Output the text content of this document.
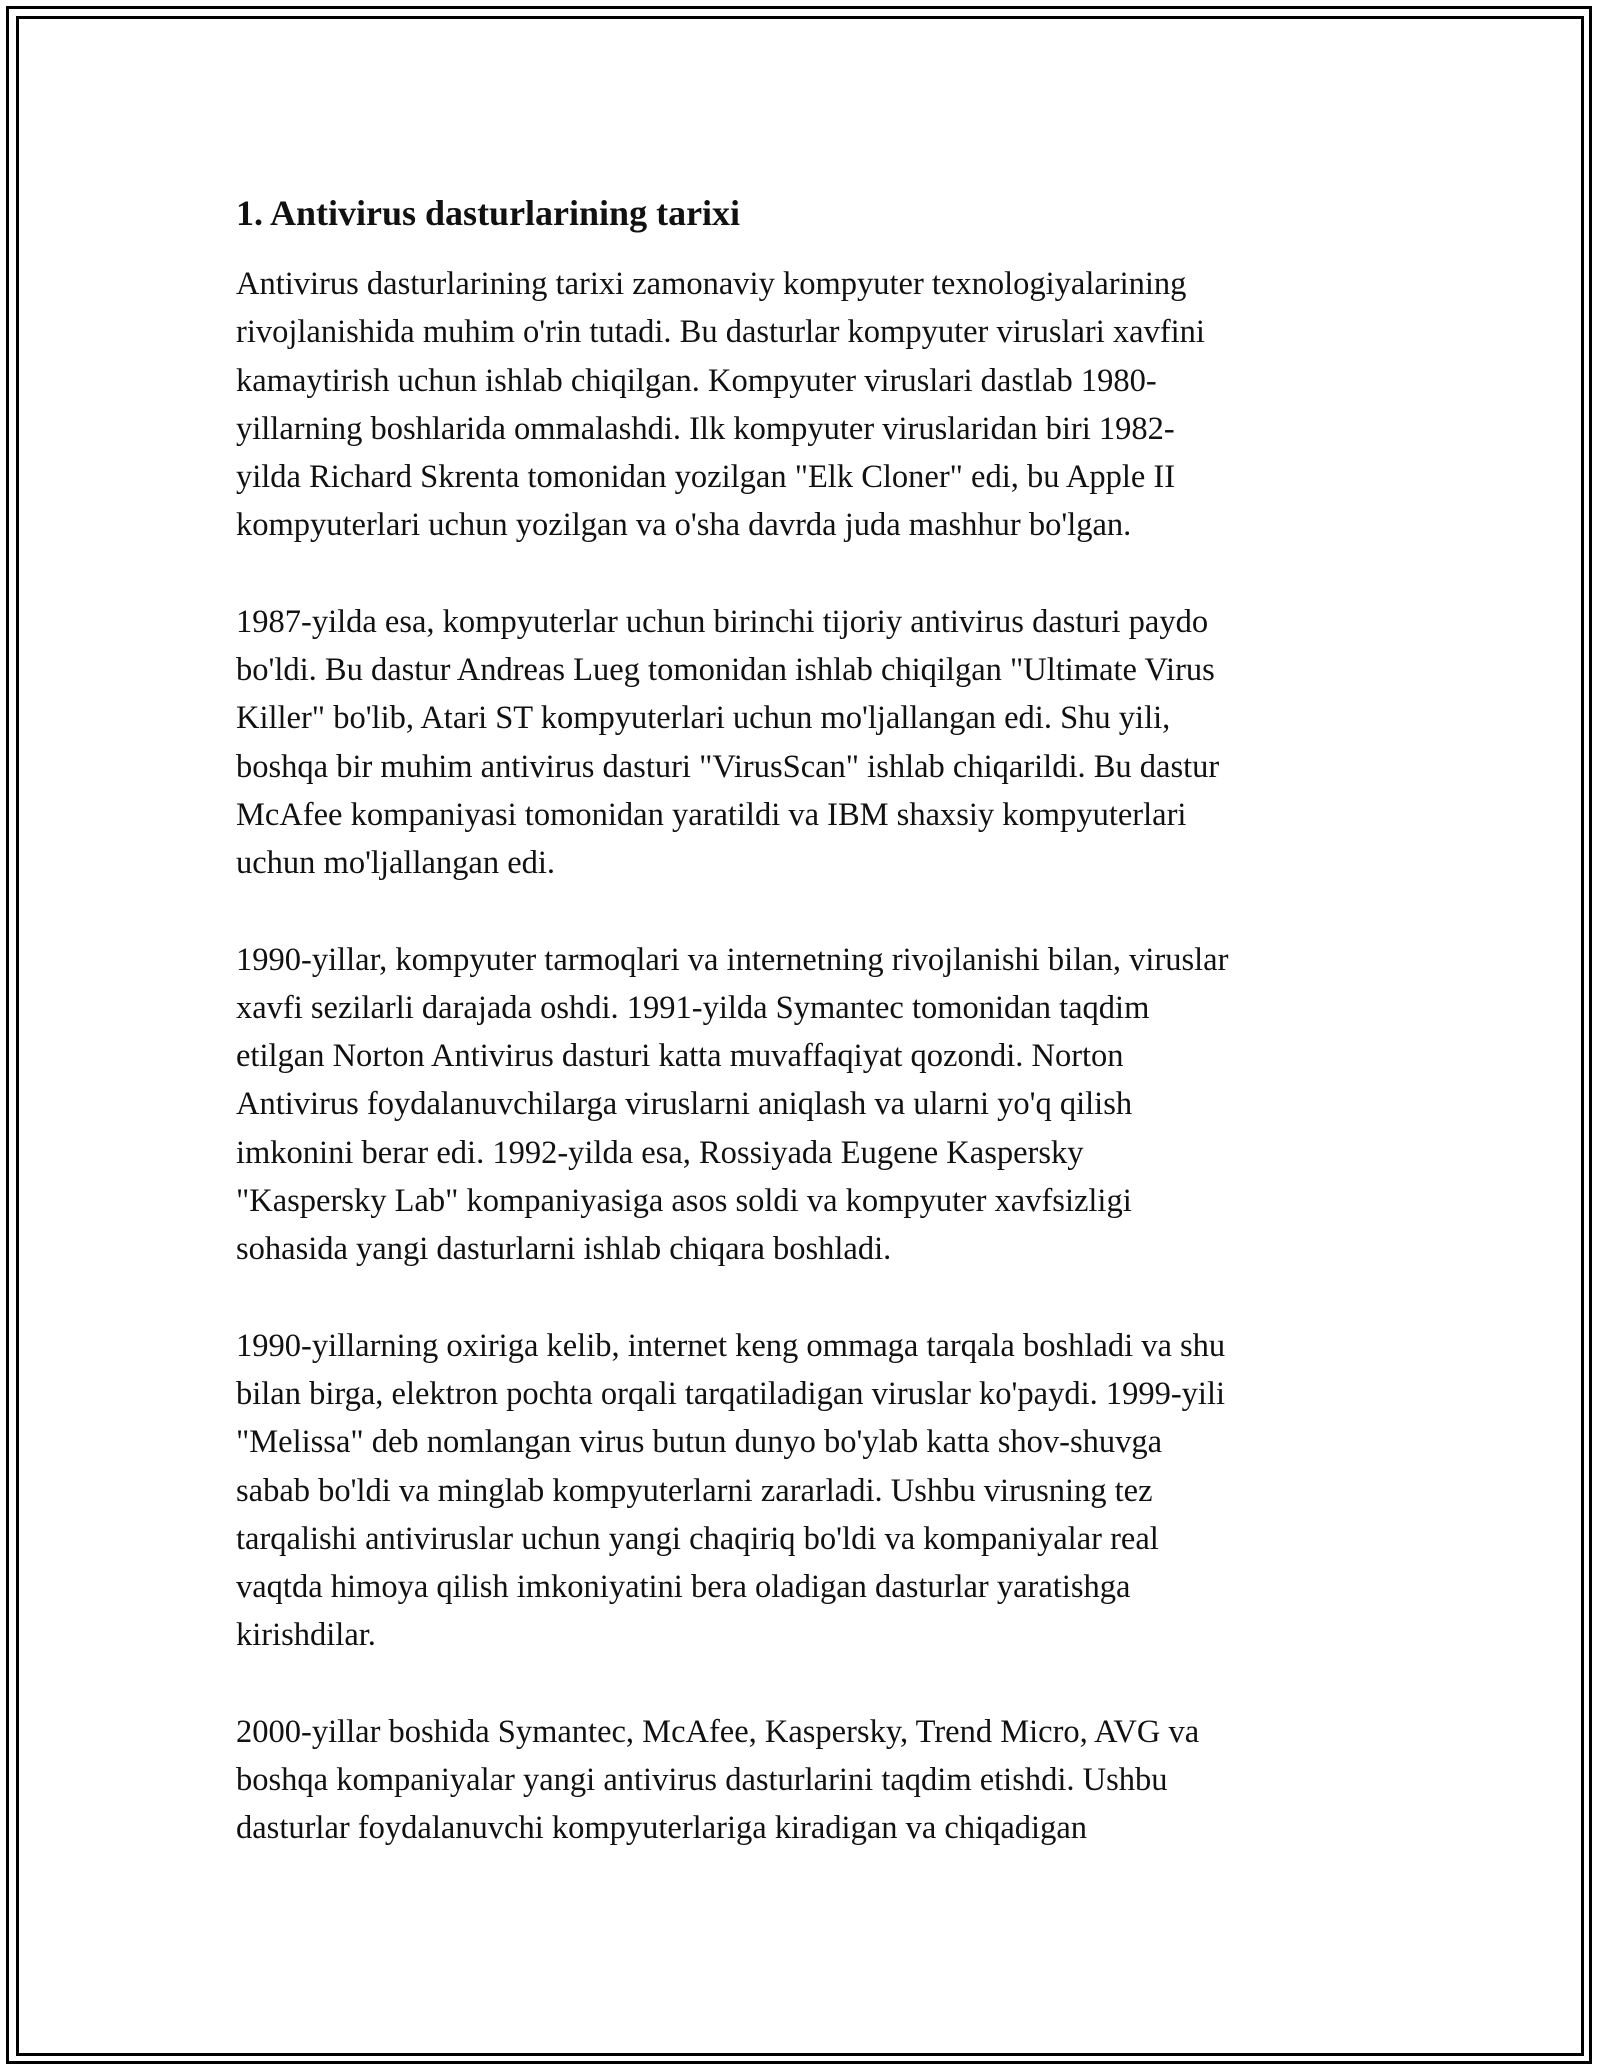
1. Antivirus dasturlarining tarixi

Antivirus dasturlarining tarixi zamonaviy kompyuter texnologiyalarining
rivojlanishida muhim o'rin tutadi. Bu dasturlar kompyuter viruslari xavfini
kamaytirish uchun ishlab chiqilgan. Kompyuter viruslari dastlab 1980-
yillarning boshlarida ommalashdi. Ilk kompyuter viruslaridan biri 1982-
yilda Richard Skrenta tomonidan yozilgan "Elk Cloner" edi, bu Apple II
kompyuterlari uchun yozilgan va o'sha davrda juda mashhur bo'lgan.

1987-yilda esa, kompyuterlar uchun birinchi tijoriy antivirus dasturi paydo
bo'ldi. Bu dastur Andreas Lueg tomonidan ishlab chiqilgan "Ultimate Virus
Killer" bo'lib, Atari ST kompyuterlari uchun mo'ljallangan edi. Shu yili,
boshqa bir muhim antivirus dasturi "VirusScan" ishlab chiqarildi. Bu dastur
McAfee kompaniyasi tomonidan yaratildi va IBM shaxsiy kompyuterlari
uchun mo'ljallangan edi.

1990-yillar, kompyuter tarmoqlari va internetning rivojlanishi bilan, viruslar
xavfi sezilarli darajada oshdi. 1991-yilda Symantec tomonidan taqdim
etilgan Norton Antivirus dasturi katta muvaffaqiyat qozondi. Norton
Antivirus foydalanuvchilarga viruslarni aniqlash va ularni yo'q qilish
imkonini berar edi. 1992-yilda esa, Rossiyada Eugene Kaspersky
"Kaspersky Lab" kompaniyasiga asos soldi va kompyuter xavfsizligi
sohasida yangi dasturlarni ishlab chiqara boshladi.

1990-yillarning oxiriga kelib, internet keng ommaga tarqala boshladi va shu
bilan birga, elektron pochta orqali tarqatiladigan viruslar ko'paydi. 1999-yili
"Melissa" deb nomlangan virus butun dunyo bo'ylab katta shov-shuvga
sabab bo'ldi va minglab kompyuterlarni zararladi. Ushbu virusning tez
tarqalishi antiviruslar uchun yangi chaqiriq bo'ldi va kompaniyalar real
vaqtda himoya qilish imkoniyatini bera oladigan dasturlar yaratishga
kirishdilar.

2000-yillar boshida Symantec, McAfee, Kaspersky, Trend Micro, AVG va
boshqa kompaniyalar yangi antivirus dasturlarini taqdim etishdi. Ushbu
dasturlar foydalanuvchi kompyuterlariga kiradigan va chiqadigan
